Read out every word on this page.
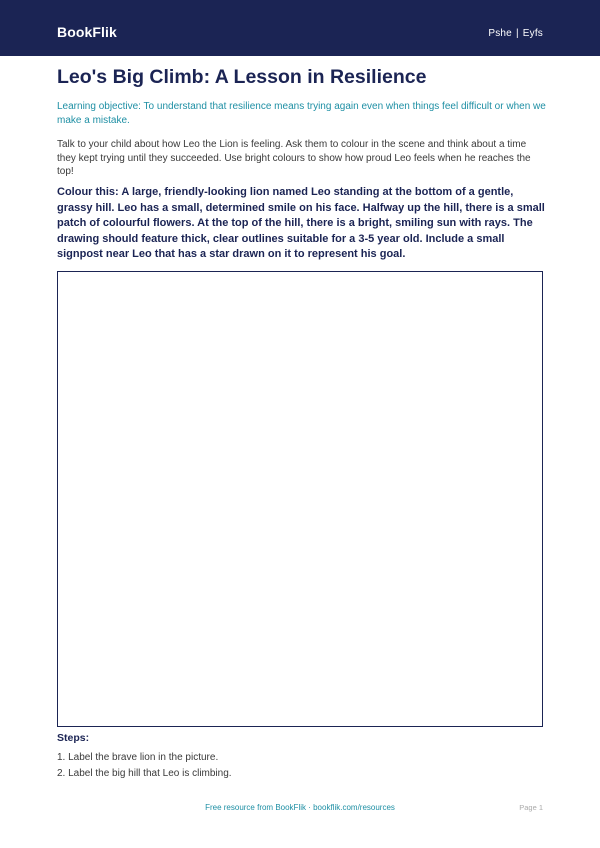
BookFlik	Pshe | Eyfs
Leo's Big Climb: A Lesson in Resilience

Learning objective: To understand that resilience means trying again even when things feel difficult or when we make a mistake.

Talk to your child about how Leo the Lion is feeling. Ask them to colour in the scene and think about a time they kept trying until they succeeded. Use bright colours to show how proud Leo feels when he reaches the top!

Colour this: A large, friendly-looking lion named Leo standing at the bottom of a gentle, grassy hill. Leo has a small, determined smile on his face. Halfway up the hill, there is a small patch of colourful flowers. At the top of the hill, there is a bright, smiling sun with rays. The drawing should feature thick, clear outlines suitable for a 3-5 year old. Include a small signpost near Leo that has a star drawn on it to represent his goal.

Steps:
1. Label the brave lion in the picture.
2. Label the big hill that Leo is climbing.
Free resource from BookFlik · bookflik.com/resources	Page 1
